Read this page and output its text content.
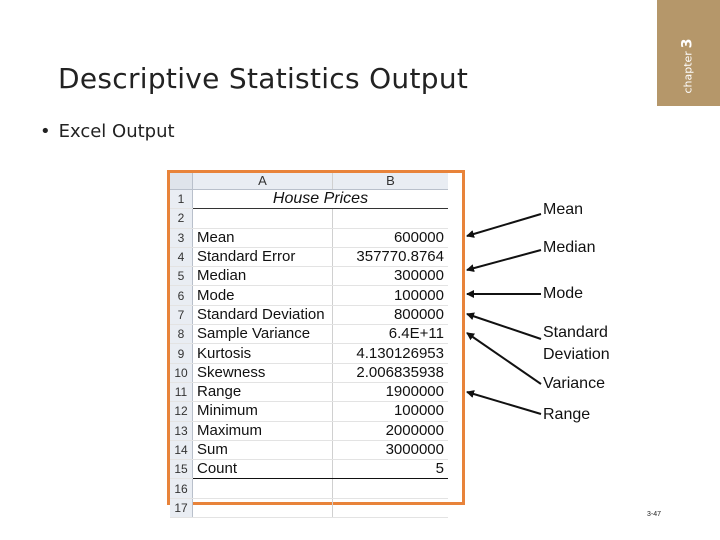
Descriptive Statistics Output	chapter3
• Excel Output
	A	B
1	House Prices	
2		
3	Mean	600000
4	Standard Error	357770.8764
5	Median	300000
6	Mode	100000
7	Standard Deviation	800000
8	Sample Variance	6.4E+11
9	Kurtosis	4.130126953
10	Skewness	2.006835938
11	Range	1900000
12	Minimum	100000
13	Maximum	2000000
14	Sum	3000000
15	Count	5
16		
17		
Mean
Median
Mode
Standard
Deviation
Variance
Range
3-47
